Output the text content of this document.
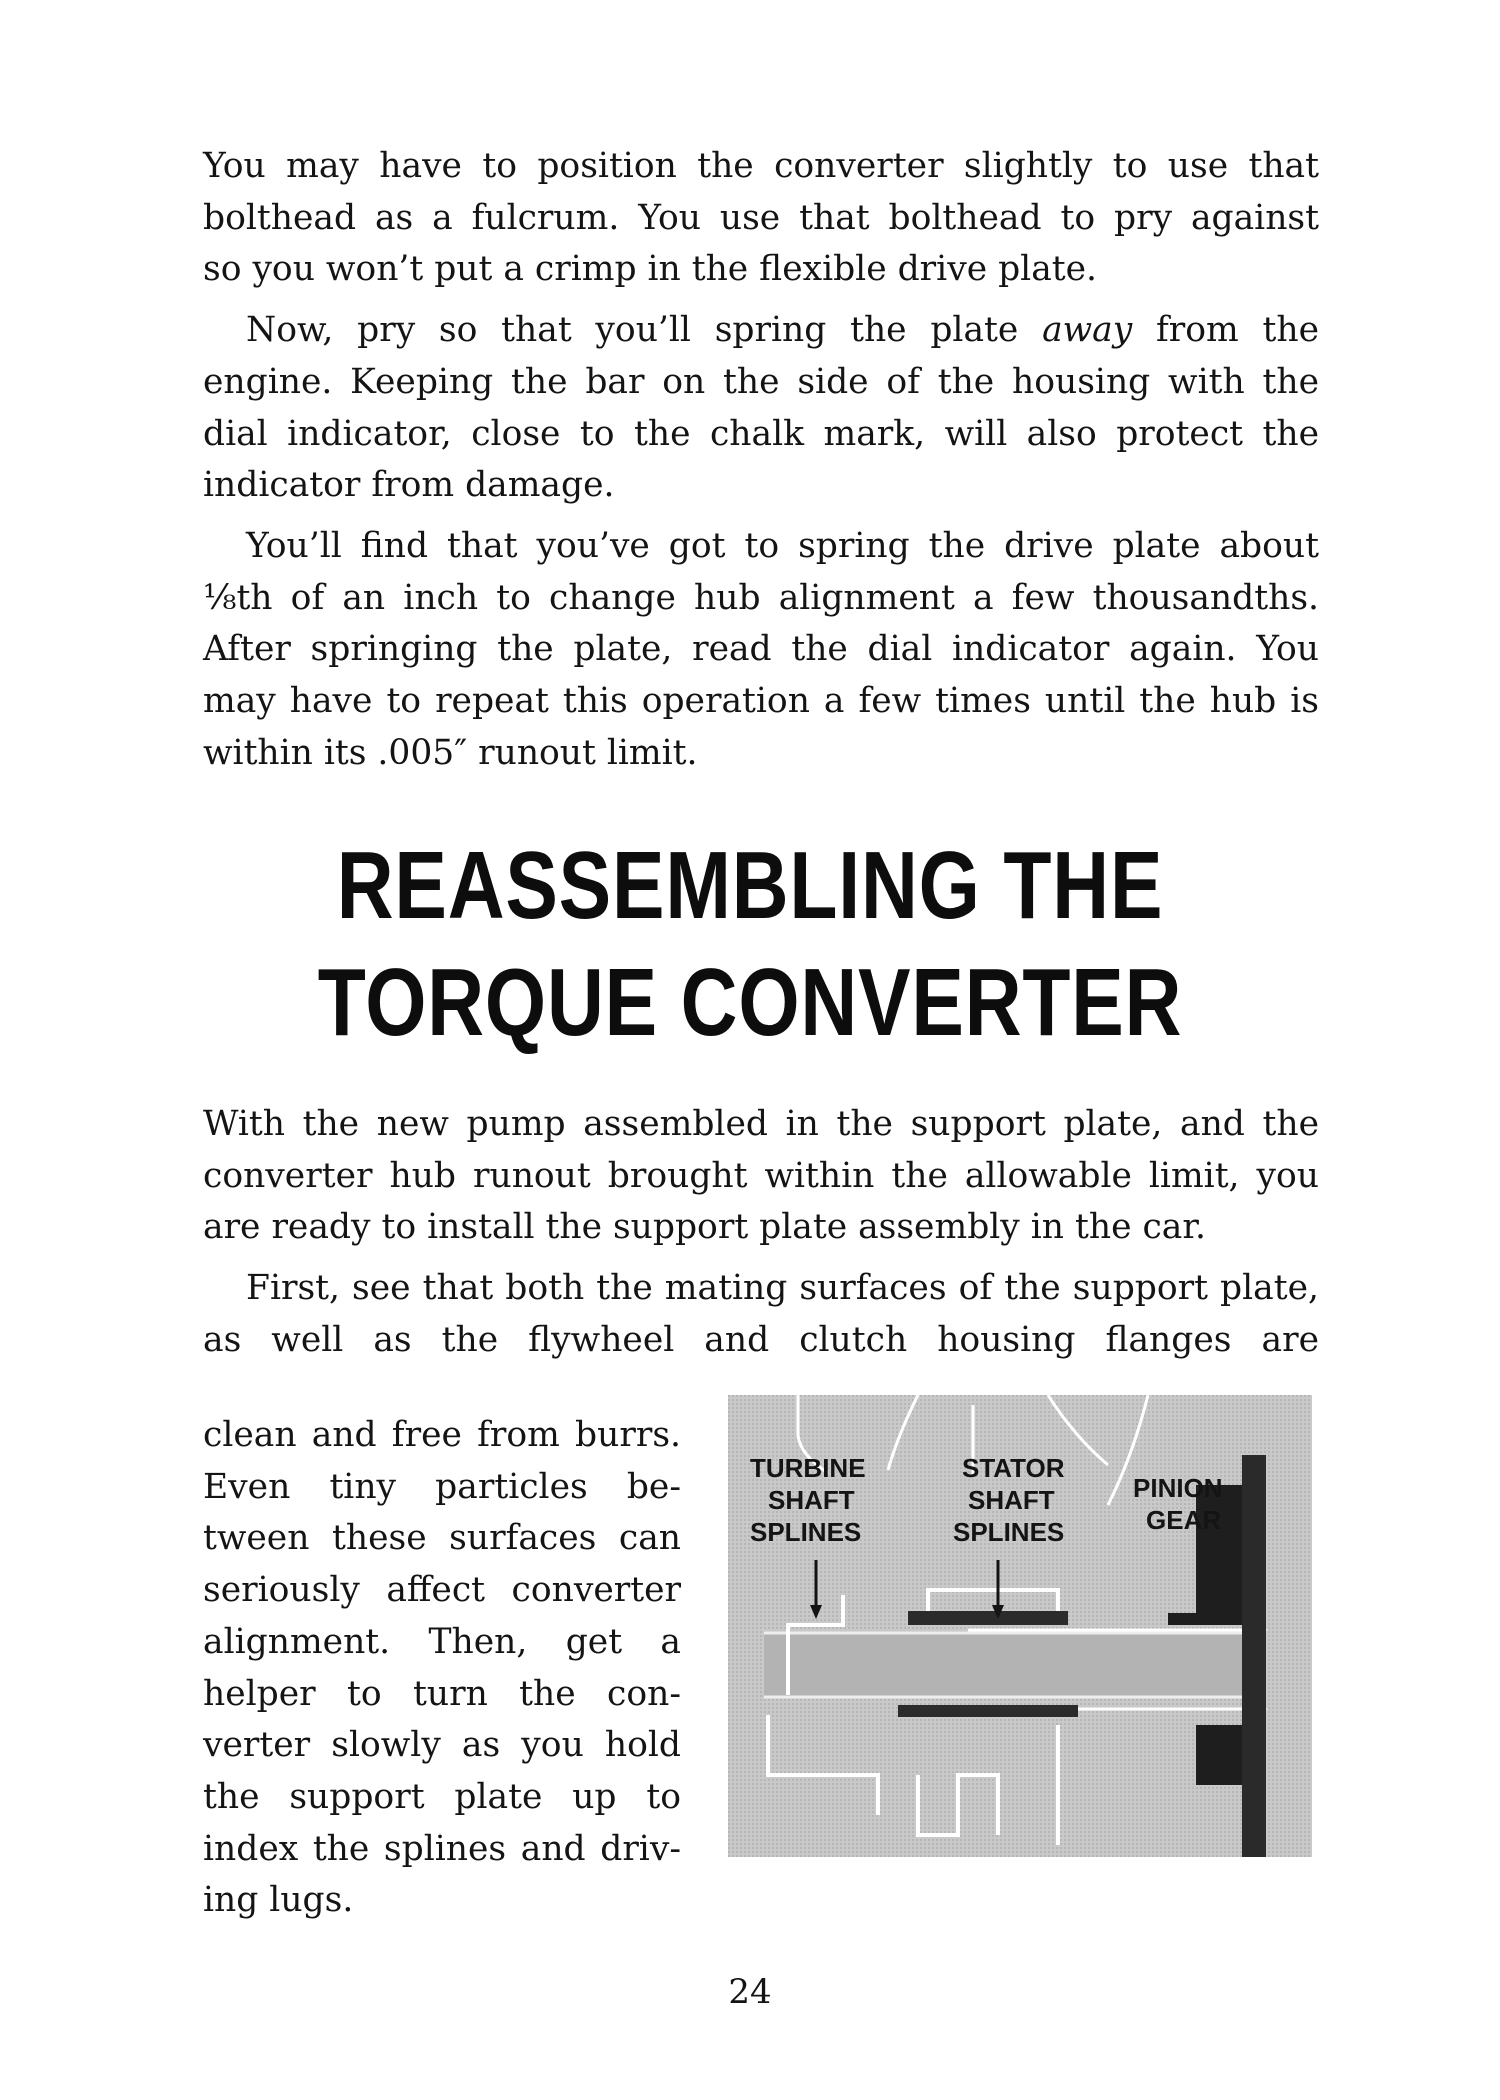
You may have to position the converter slightly to use that
bolthead as a fulcrum. You use that bolthead to pry against
so you won’t put a crimp in the flexible drive plate.

Now, pry so that you’ll spring the plate away from the engine. Keeping the bar on the side of the housing with the dial indicator, close to the chalk mark, will also protect the indicator from damage.

You’ll find that you’ve got to spring the drive plate about ⅛th of an inch to change hub alignment a few thousandths. After springing the plate, read the dial indicator again. You may have to repeat this operation a few times until the hub is within its .005″ runout limit.

REASSEMBLING THE
TORQUE CONVERTER

With the new pump assembled in the support plate, and the converter hub runout brought within the allowable limit, you are ready to install the support plate assembly in the car.

First, see that both the mating surfaces of the support plate, as well as the flywheel and clutch housing flanges are

clean and free from burrs.
Even tiny particles be-
tween these surfaces can
seriously affect converter
alignment. Then, get a
helper to turn the con-
verter slowly as you hold
the support plate up to
index the splines and driv-
ing lugs.
TURBINE
SHAFT
SPLINES
STATOR
SHAFT
SPLINES
PINION
GEAR
24
